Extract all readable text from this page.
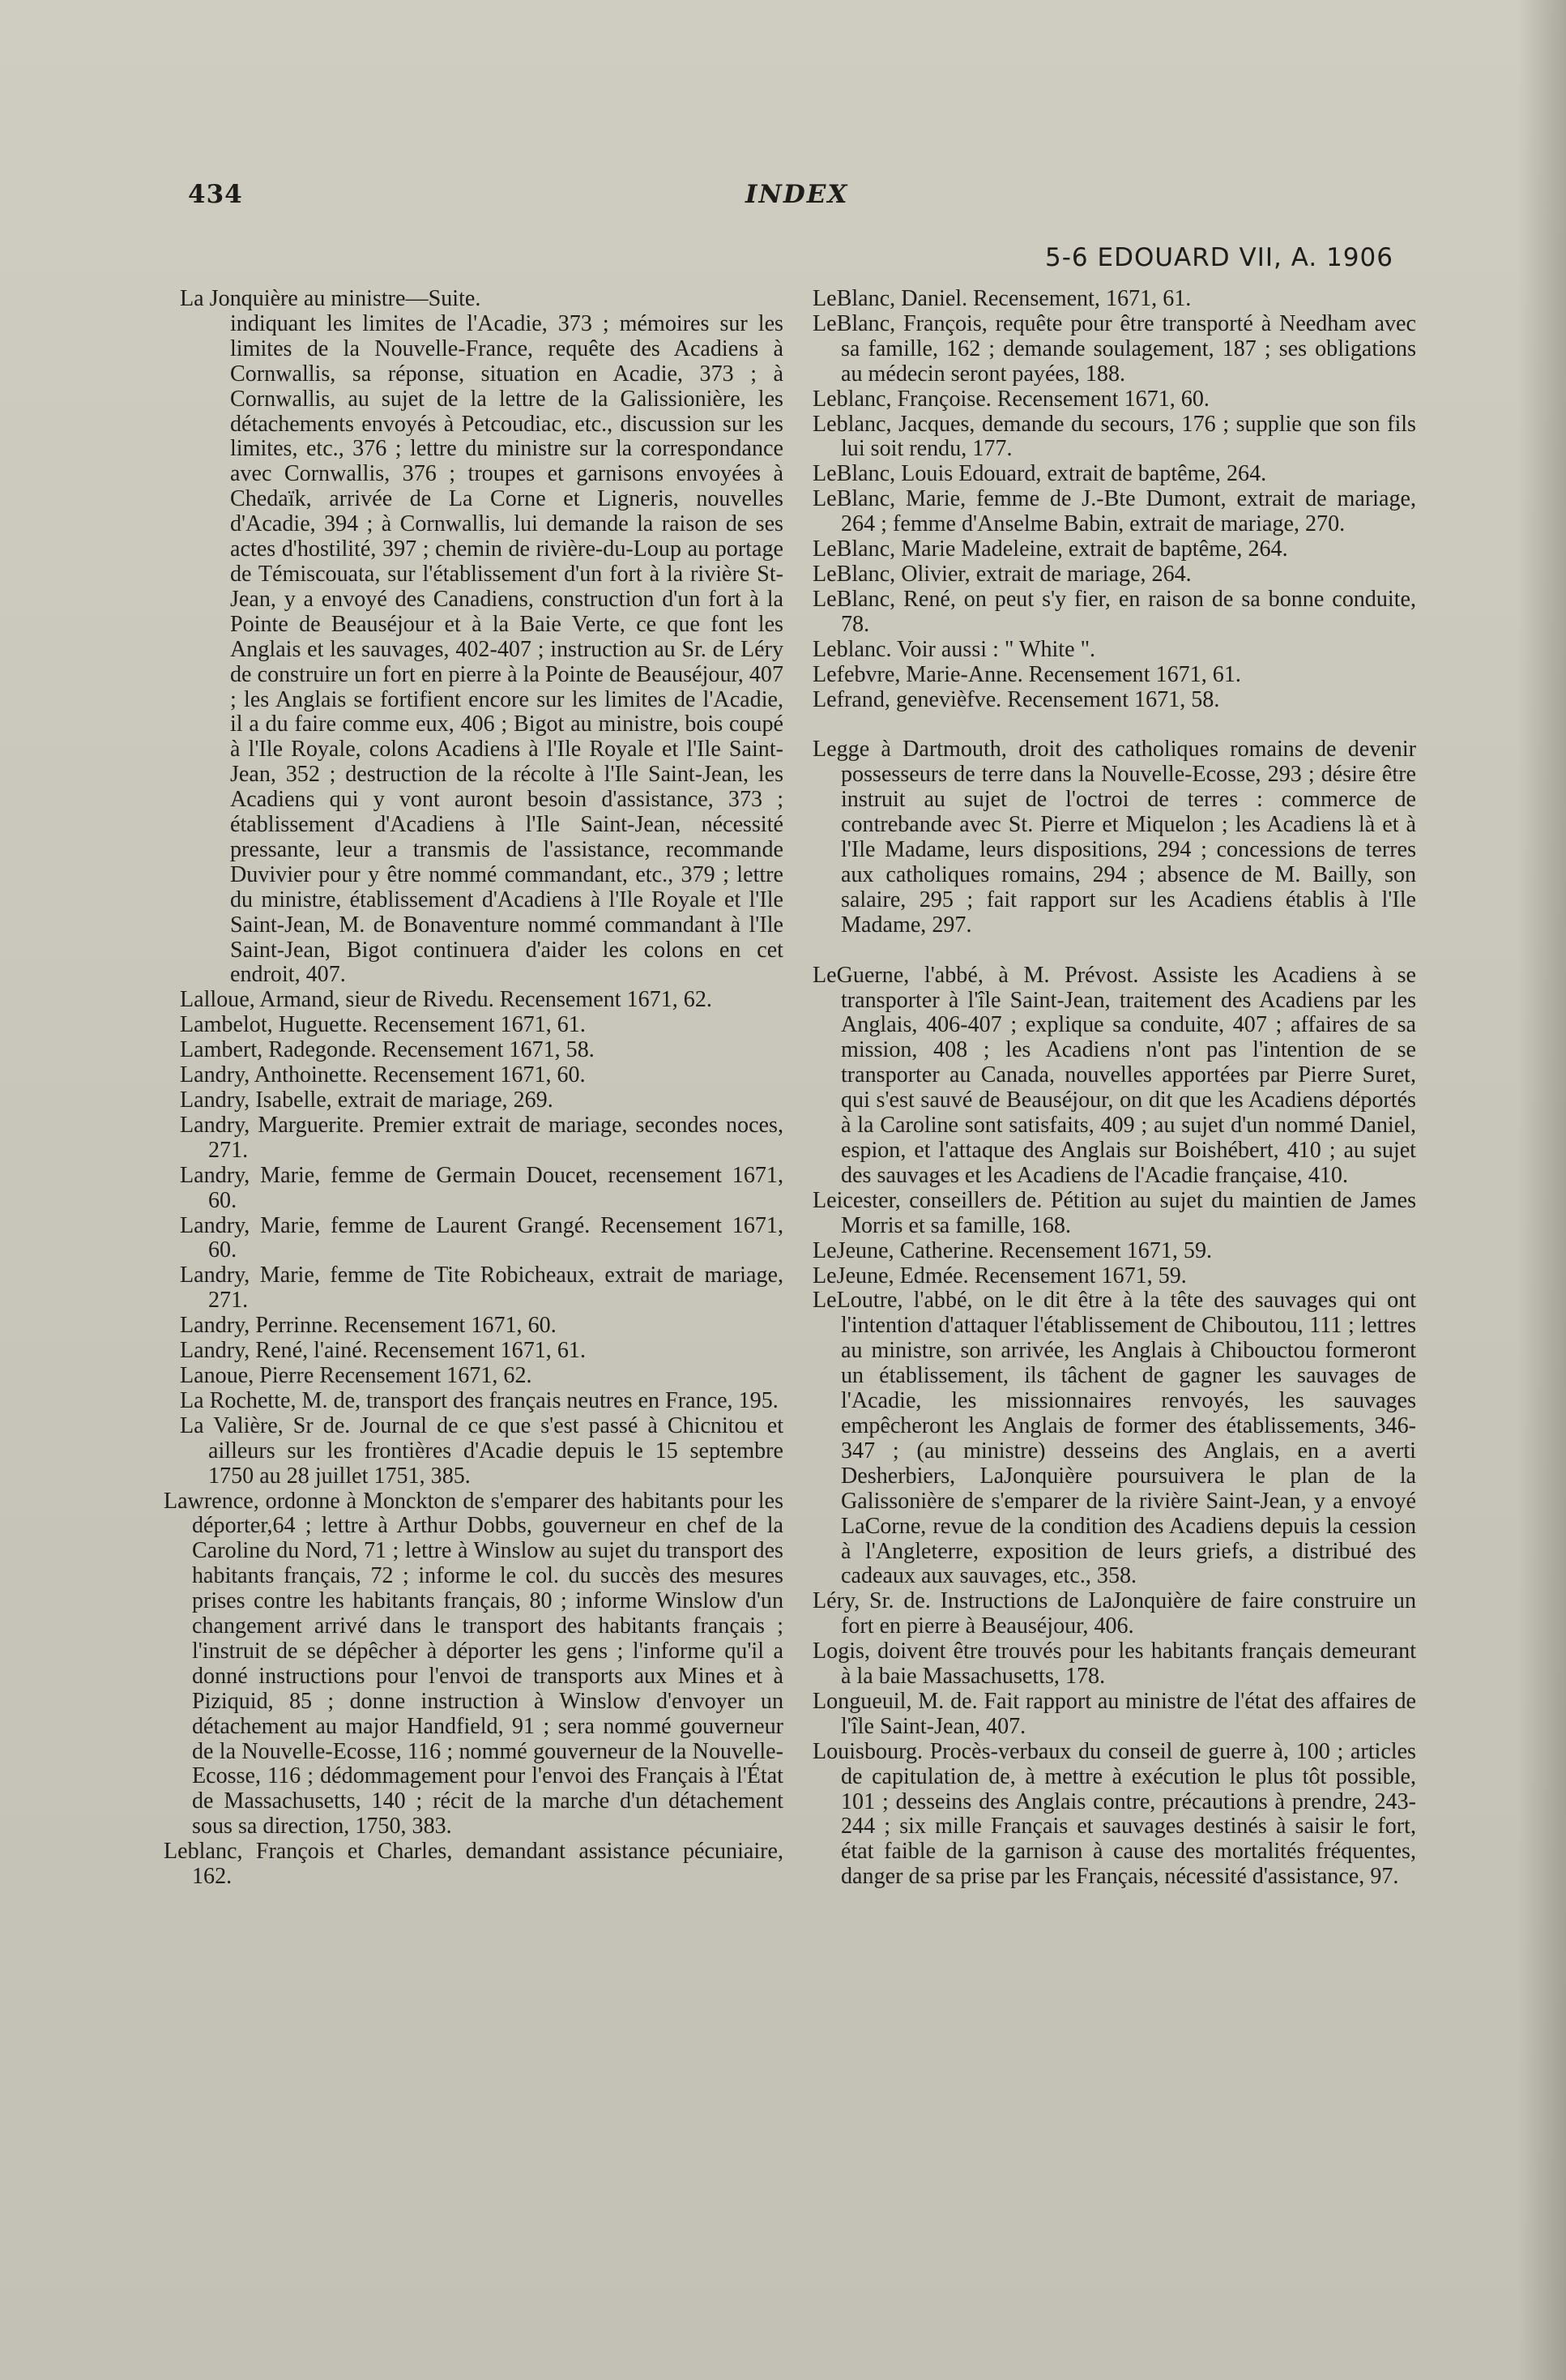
434	INDEX
5-6 EDOUARD VII, A. 1906

La Jonquière au ministre—Suite.

indiquant les limites de l'Acadie, 373 ; mémoires sur les limites de la Nouvelle-France, requête des Acadiens à Cornwallis, sa réponse, situation en Acadie, 373 ; à Cornwallis, au sujet de la lettre de la Galissionière, les détachements envoyés à Petcoudiac, etc., discussion sur les limites, etc., 376 ; lettre du ministre sur la correspondance avec Cornwallis, 376 ; troupes et garnisons envoyées à Chedaïk, arrivée de La Corne et Ligneris, nouvelles d'Acadie, 394 ; à Cornwallis, lui demande la raison de ses actes d'hostilité, 397 ; chemin de rivière-du-Loup au portage de Témiscouata, sur l'établissement d'un fort à la rivière St-Jean, y a envoyé des Canadiens, construction d'un fort à la Pointe de Beauséjour et à la Baie Verte, ce que font les Anglais et les sauvages, 402-407 ; instruction au Sr. de Léry de construire un fort en pierre à la Pointe de Beauséjour, 407 ; les Anglais se fortifient encore sur les limites de l'Acadie, il a du faire comme eux, 406 ; Bigot au ministre, bois coupé à l'Ile Royale, colons Acadiens à l'Ile Royale et l'Ile Saint-Jean, 352 ; destruction de la récolte à l'Ile Saint-Jean, les Acadiens qui y vont auront besoin d'assistance, 373 ; établissement d'Acadiens à l'Ile Saint-Jean, nécessité pressante, leur a transmis de l'assistance, recommande Duvivier pour y être nommé commandant, etc., 379 ; lettre du ministre, établissement d'Acadiens à l'Ile Royale et l'Ile Saint-Jean, M. de Bonaventure nommé commandant à l'Ile Saint-Jean, Bigot continuera d'aider les colons en cet endroit, 407.

Lalloue, Armand, sieur de Rivedu. Recensement 1671, 62.

Lambelot, Huguette. Recensement 1671, 61.

Lambert, Radegonde. Recensement 1671, 58.

Landry, Anthoinette. Recensement 1671, 60.

Landry, Isabelle, extrait de mariage, 269.

Landry, Marguerite. Premier extrait de mariage, secondes noces, 271.

Landry, Marie, femme de Germain Doucet, recensement 1671, 60.

Landry, Marie, femme de Laurent Grangé. Recensement 1671, 60.

Landry, Marie, femme de Tite Robicheaux, extrait de mariage, 271.

Landry, Perrinne. Recensement 1671, 60.

Landry, René, l'ainé. Recensement 1671, 61.

Lanoue, Pierre Recensement 1671, 62.

La Rochette, M. de, transport des français neutres en France, 195.

La Valière, Sr de. Journal de ce que s'est passé à Chicnitou et ailleurs sur les frontières d'Acadie depuis le 15 septembre 1750 au 28 juillet 1751, 385.

Lawrence, ordonne à Monckton de s'emparer des habitants pour les déporter,64 ; lettre à Arthur Dobbs, gouverneur en chef de la Caroline du Nord, 71 ; lettre à Winslow au sujet du transport des habitants français, 72 ; informe le col. du succès des mesures prises contre les habitants français, 80 ; informe Winslow d'un changement arrivé dans le transport des habitants français ; l'instruit de se dépêcher à déporter les gens ; l'informe qu'il a donné instructions pour l'envoi de transports aux Mines et à Piziquid, 85 ; donne instruction à Winslow d'envoyer un détachement au major Handfield, 91 ; sera nommé gouverneur de la Nouvelle-Ecosse, 116 ; nommé gouverneur de la Nouvelle-Ecosse, 116 ; dédommagement pour l'envoi des Français à l'État de Massachusetts, 140 ; récit de la marche d'un détachement sous sa direction, 1750, 383.

Leblanc, François et Charles, demandant assistance pécuniaire, 162.

LeBlanc, Daniel. Recensement, 1671, 61.

LeBlanc, François, requête pour être transporté à Needham avec sa famille, 162 ; demande soulagement, 187 ; ses obligations au médecin seront payées, 188.

Leblanc, Françoise. Recensement 1671, 60.

Leblanc, Jacques, demande du secours, 176 ; supplie que son fils lui soit rendu, 177.

LeBlanc, Louis Edouard, extrait de baptême, 264.

LeBlanc, Marie, femme de J.-Bte Dumont, extrait de mariage, 264 ; femme d'Anselme Babin, extrait de mariage, 270.

LeBlanc, Marie Madeleine, extrait de baptême, 264.

LeBlanc, Olivier, extrait de mariage, 264.

LeBlanc, René, on peut s'y fier, en raison de sa bonne conduite, 78.

Leblanc. Voir aussi : " White ".

Lefebvre, Marie-Anne. Recensement 1671, 61.

Lefrand, genevièfve. Recensement 1671, 58.

Legge à Dartmouth, droit des catholiques romains de devenir possesseurs de terre dans la Nouvelle-Ecosse, 293 ; désire être instruit au sujet de l'octroi de terres : commerce de contrebande avec St. Pierre et Miquelon ; les Acadiens là et à l'Ile Madame, leurs dispositions, 294 ; concessions de terres aux catholiques romains, 294 ; absence de M. Bailly, son salaire, 295 ; fait rapport sur les Acadiens établis à l'Ile Madame, 297.

LeGuerne, l'abbé, à M. Prévost. Assiste les Acadiens à se transporter à l'île Saint-Jean, traitement des Acadiens par les Anglais, 406-407 ; explique sa conduite, 407 ; affaires de sa mission, 408 ; les Acadiens n'ont pas l'intention de se transporter au Canada, nouvelles apportées par Pierre Suret, qui s'est sauvé de Beauséjour, on dit que les Acadiens déportés à la Caroline sont satisfaits, 409 ; au sujet d'un nommé Daniel, espion, et l'attaque des Anglais sur Boishébert, 410 ; au sujet des sauvages et les Acadiens de l'Acadie française, 410.

Leicester, conseillers de. Pétition au sujet du maintien de James Morris et sa famille, 168.

LeJeune, Catherine. Recensement 1671, 59.

LeJeune, Edmée. Recensement 1671, 59.

LeLoutre, l'abbé, on le dit être à la tête des sauvages qui ont l'intention d'attaquer l'établissement de Chiboutou, 111 ; lettres au ministre, son arrivée, les Anglais à Chibouctou formeront un établissement, ils tâchent de gagner les sauvages de l'Acadie, les missionnaires renvoyés, les sauvages empêcheront les Anglais de former des établissements, 346-347 ; (au ministre) desseins des Anglais, en a averti Desherbiers, LaJonquière poursuivera le plan de la Galissonière de s'emparer de la rivière Saint-Jean, y a envoyé LaCorne, revue de la condition des Acadiens depuis la cession à l'Angleterre, exposition de leurs griefs, a distribué des cadeaux aux sauvages, etc., 358.

Léry, Sr. de. Instructions de LaJonquière de faire construire un fort en pierre à Beauséjour, 406.

Logis, doivent être trouvés pour les habitants français demeurant à la baie Massachusetts, 178.

Longueuil, M. de. Fait rapport au ministre de l'état des affaires de l'île Saint-Jean, 407.

Louisbourg. Procès-verbaux du conseil de guerre à, 100 ; articles de capitulation de, à mettre à exécution le plus tôt possible, 101 ; desseins des Anglais contre, précautions à prendre, 243-244 ; six mille Français et sauvages destinés à saisir le fort, état faible de la garnison à cause des mortalités fréquentes, danger de sa prise par les Français, nécessité d'assistance, 97.
